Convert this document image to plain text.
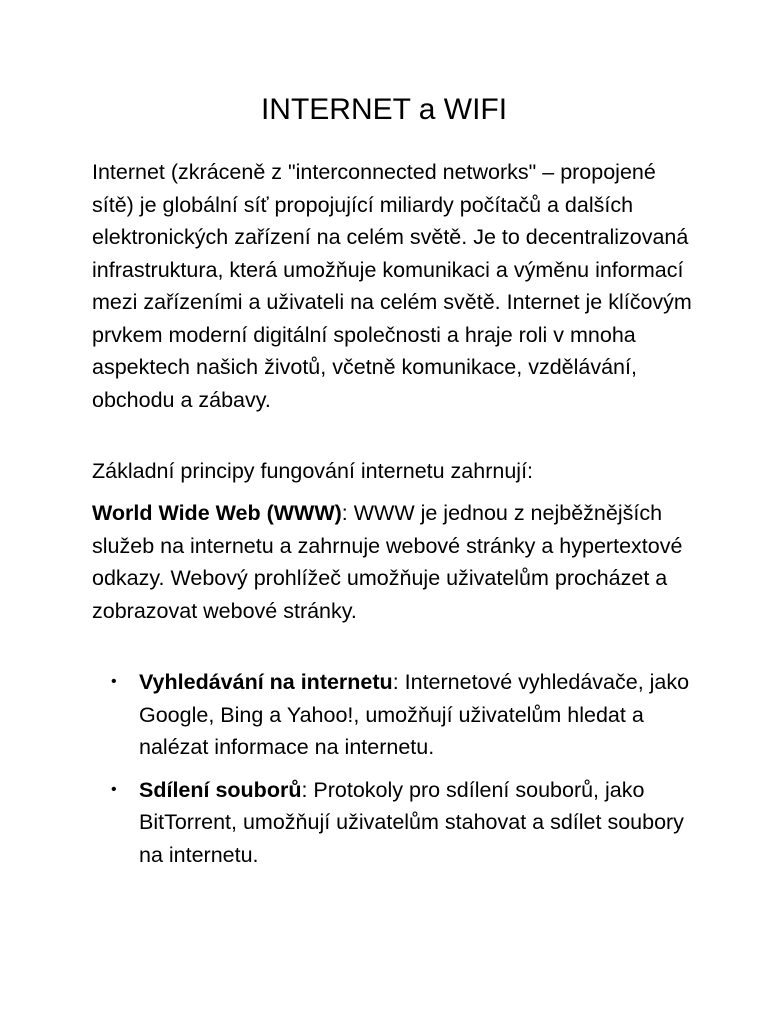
INTERNET a WIFI

Internet (zkráceně z "interconnected networks" – propojené sítě) je globální síť propojující miliardy počítačů a dalších elektronických zařízení na celém světě. Je to decentralizovaná infrastruktura, která umožňuje komunikaci a výměnu informací mezi zařízeními a uživateli na celém světě. Internet je klíčovým prvkem moderní digitální společnosti a hraje roli v mnoha aspektech našich životů, včetně komunikace, vzdělávání, obchodu a zábavy.

Základní principy fungování internetu zahrnují:

World Wide Web (WWW): WWW je jednou z nejběžnějších služeb na internetu a zahrnuje webové stránky a hypertextové odkazy. Webový prohlížeč umožňuje uživatelům procházet a zobrazovat webové stránky.

• Vyhledávání na internetu: Internetové vyhledávače, jako Google, Bing a Yahoo!, umožňují uživatelům hledat a nalézat informace na internetu.
• Sdílení souborů: Protokoly pro sdílení souborů, jako BitTorrent, umožňují uživatelům stahovat a sdílet soubory na internetu.
